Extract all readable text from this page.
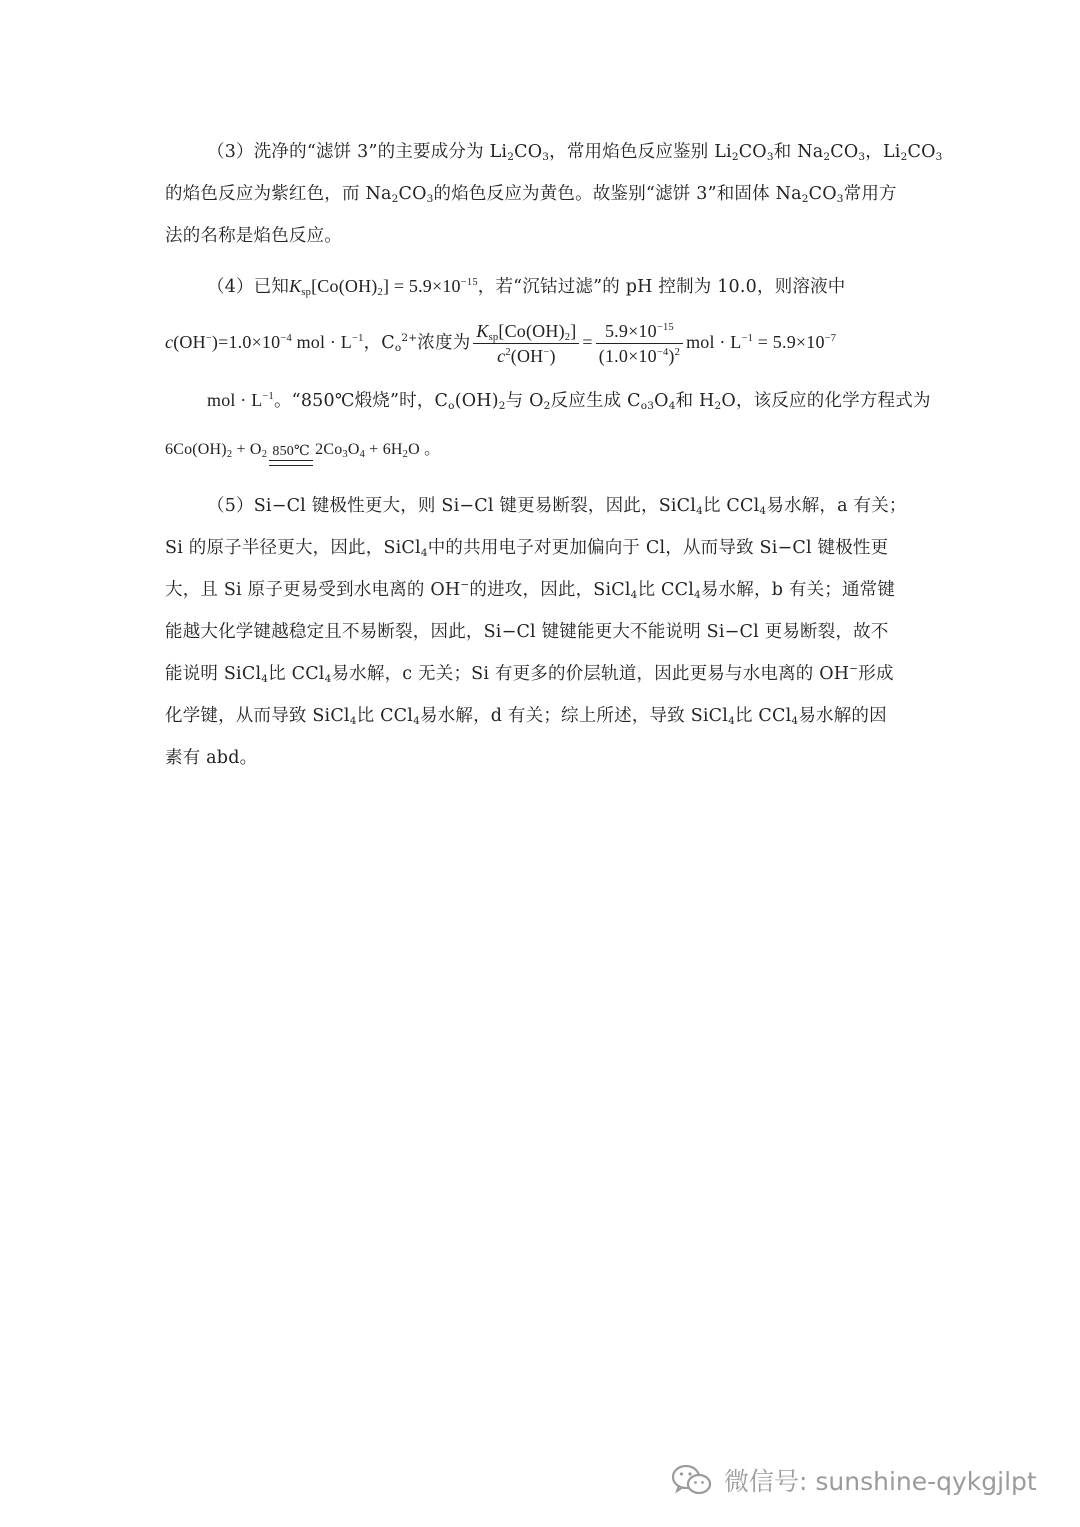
（3）洗净的“滤饼 3”的主要成分为 $Li_2CO_3$，常用焰色反应鉴别 $Li_2CO_3$和 $Na_2CO_3$，$Li_2CO_3$
的焰色反应为紫红色，而 $Na_2CO_3$的焰色反应为黄色。故鉴别“滤饼 3”和固体 $Na_2CO_3$常用方
法的名称是焰色反应。
（4）已知$K_{sp}[Co(OH)_2] = 5.9\times 10^{-15}$，若“沉钴过滤”的 pH 控制为 10.0，则溶液中
$c(OH^-)=1.0\times 10^{-4}$ mol · $L^{-1}$，$C_o^{2+}$浓度为 $\frac{K_{sp}[Co(OH)_2]}{c^2(OH^-)} = \frac{5.9\times 10^{-15}}{(1.0\times 10^{-4})^2}$ mol · $L^{-1} = 5.9\times 10^{-7}$
mol · $L^{-1}$。“850℃煅烧”时，$C_o(OH)_2$与 $O_2$反应生成 $C_{o3}O_4$和 $H_2O$，该反应的化学方程式为
$6Co(OH)_2 + O_2$ 850℃ $2Co_3O_4 + 6H_2O$ 。
（5）Si−Cl 键极性更大，则 Si−Cl 键更易断裂，因此，SiCl$_4$比 CCl$_4$易水解，a 有关；
Si 的原子半径更大，因此，SiCl$_4$中的共用电子对更加偏向于 Cl，从而导致 Si−Cl 键极性更
大，且 Si 原子更易受到水电离的 OH−的进攻，因此，SiCl$_4$比 CCl$_4$易水解，b 有关；通常键
能越大化学键越稳定且不易断裂，因此，Si−Cl 键键能更大不能说明 Si−Cl 更易断裂，故不
能说明 SiCl$_4$比 CCl$_4$易水解，c 无关；Si 有更多的价层轨道，因此更易与水电离的 OH−形成
化学键，从而导致 SiCl$_4$比 CCl$_4$易水解，d 有关；综上所述，导致 SiCl$_4$比 CCl$_4$易水解的因
素有 abd。
微信号: sunshine-qykgjlpt
